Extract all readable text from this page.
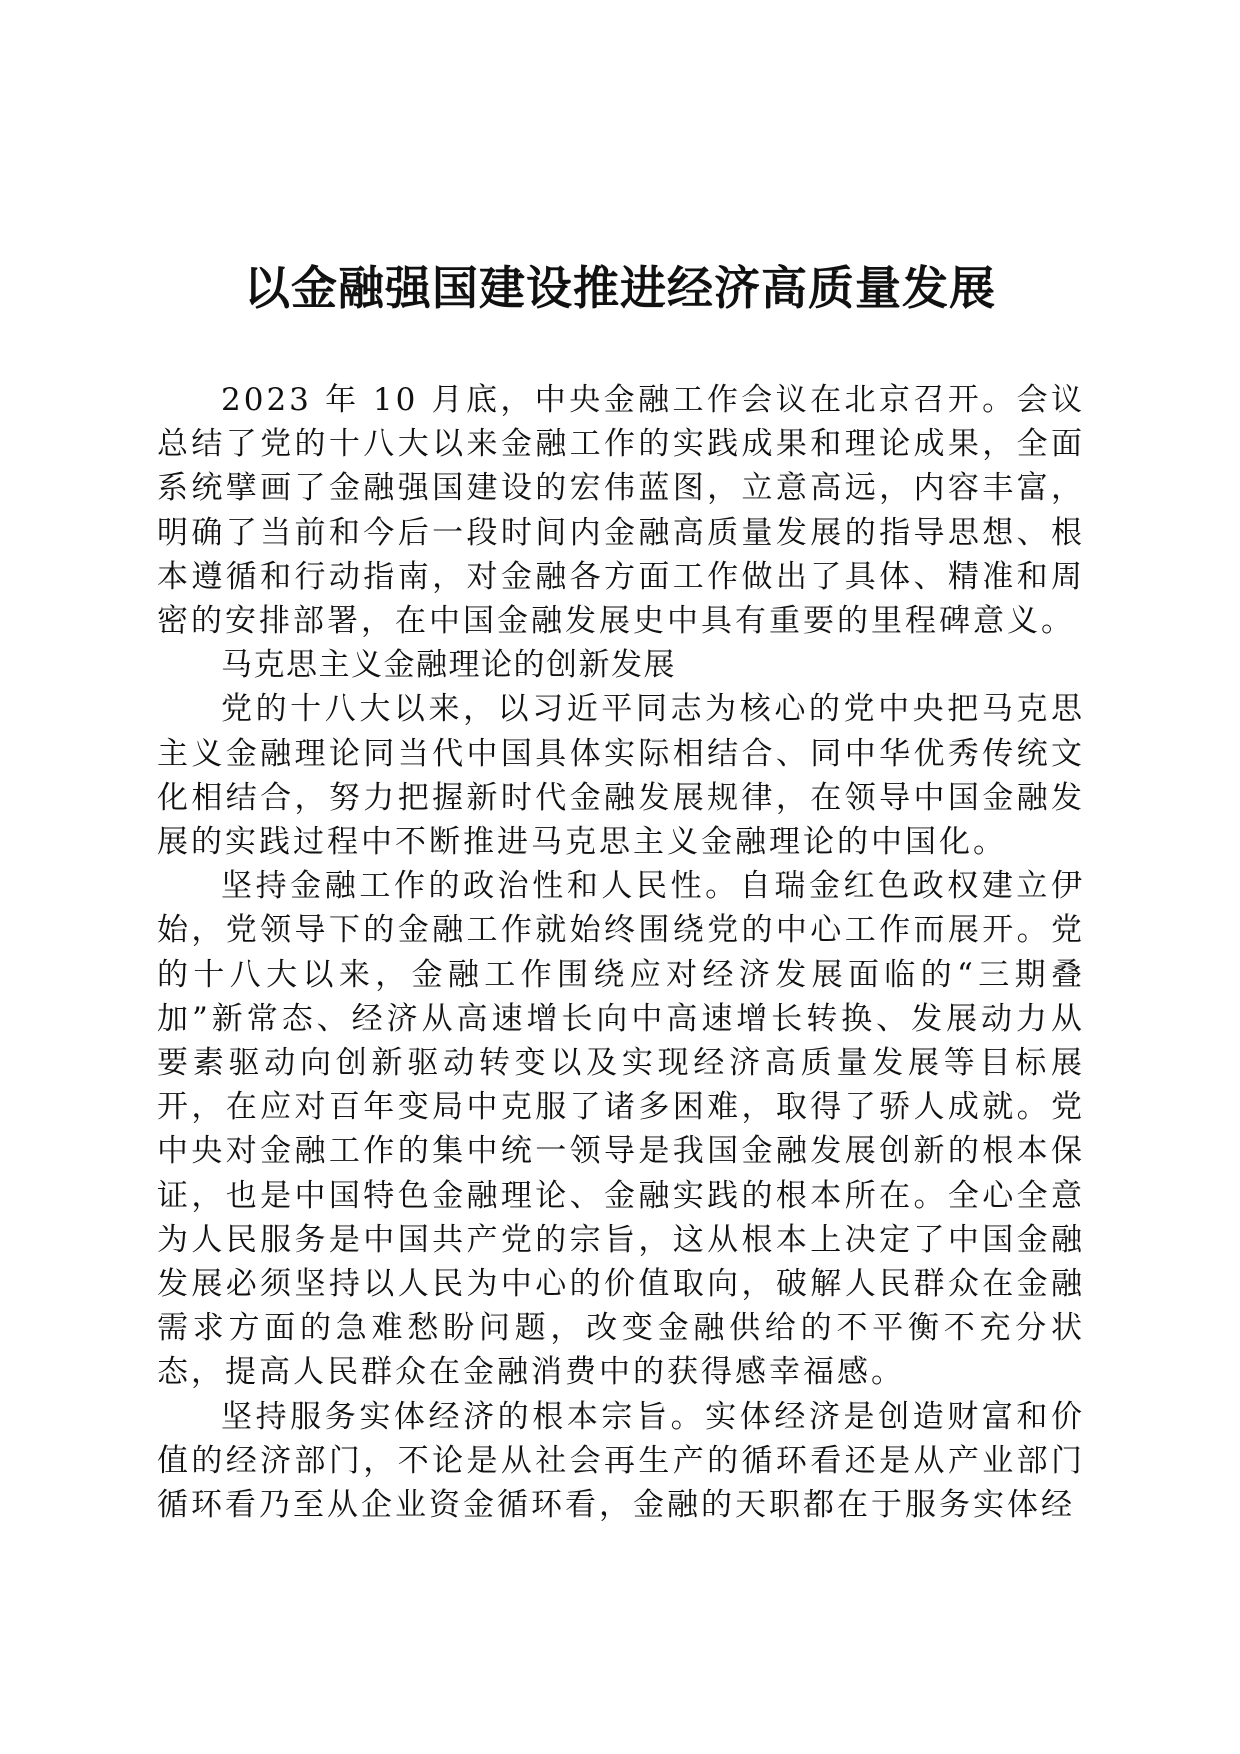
以金融强国建设推进经济高质量发展

2023 年 10 月底，中央金融工作会议在北京召开。会议总结了党的十八大以来金融工作的实践成果和理论成果，全面系统擘画了金融强国建设的宏伟蓝图，立意高远，内容丰富，明确了当前和今后一段时间内金融高质量发展的指导思想、根本遵循和行动指南，对金融各方面工作做出了具体、精准和周密的安排部署，在中国金融发展史中具有重要的里程碑意义。

马克思主义金融理论的创新发展

党的十八大以来，以习近平同志为核心的党中央把马克思主义金融理论同当代中国具体实际相结合、同中华优秀传统文化相结合，努力把握新时代金融发展规律，在领导中国金融发展的实践过程中不断推进马克思主义金融理论的中国化。

坚持金融工作的政治性和人民性。自瑞金红色政权建立伊始，党领导下的金融工作就始终围绕党的中心工作而展开。党的十八大以来，金融工作围绕应对经济发展面临的“三期叠加”新常态、经济从高速增长向中高速增长转换、发展动力从要素驱动向创新驱动转变以及实现经济高质量发展等目标展开，在应对百年变局中克服了诸多困难，取得了骄人成就。党中央对金融工作的集中统一领导是我国金融发展创新的根本保证，也是中国特色金融理论、金融实践的根本所在。全心全意为人民服务是中国共产党的宗旨，这从根本上决定了中国金融发展必须坚持以人民为中心的价值取向，破解人民群众在金融需求方面的急难愁盼问题，改变金融供给的不平衡不充分状态，提高人民群众在金融消费中的获得感幸福感。

坚持服务实体经济的根本宗旨。实体经济是创造财富和价值的经济部门，不论是从社会再生产的循环看还是从产业部门循环看乃至从企业资金循环看，金融的天职都在于服务实体经
